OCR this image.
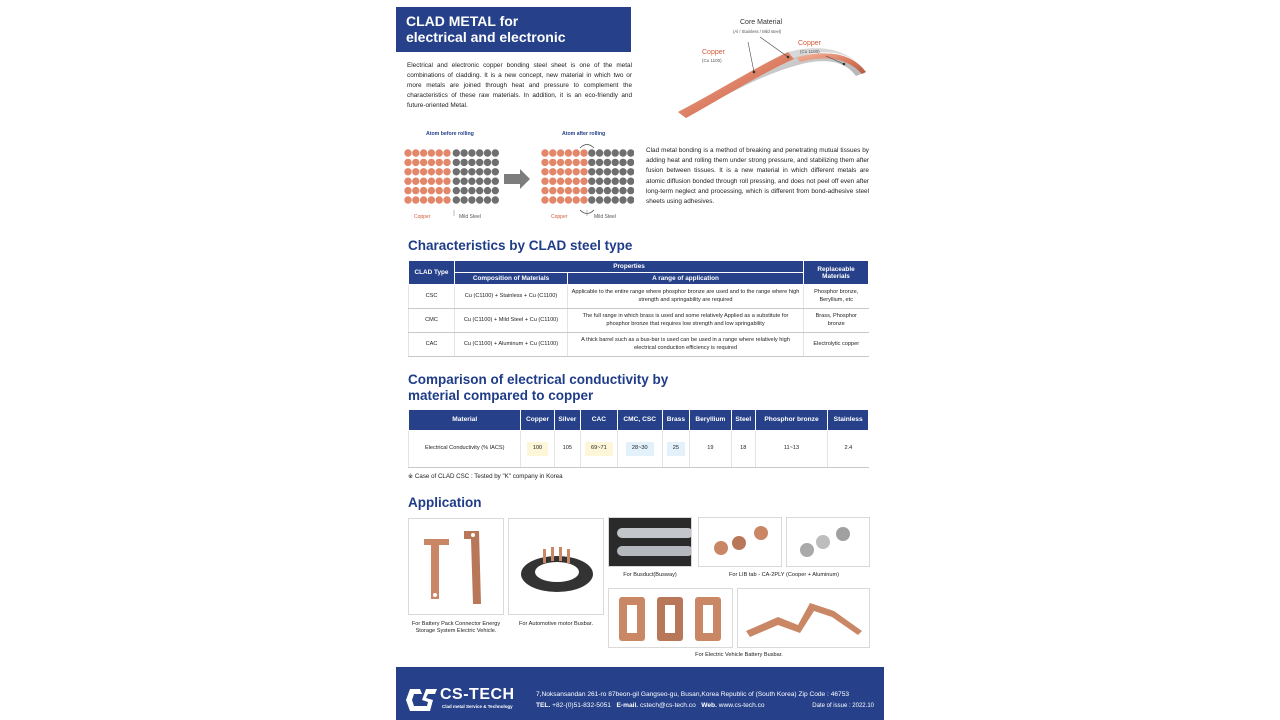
CLAD METAL for
electrical and electronic

Electrical and electronic copper bonding steel sheet is one of the metal combinations of cladding. It is a new concept, new material in which two or more metals are joined through heat and pressure to complement the characteristics of these raw materials. In addition, it is an eco-friendly and future-oriented Metal.

Core Material
(Al / Stainless / Mild steel)
Copper
(Cu 1100)
Copper
(Cu 1100)
Atom before rolling	Atom after rolling
Copper	Mild Steel	Copper	Mild Steel

Clad metal bonding is a method of breaking and penetrating mutual tissues by adding heat and rolling them under strong pressure, and stabilizing them after fusion between tissues. It is a new material in which different metals are atomic diffusion bonded through roll pressing, and does not peel off even after long-term neglect and processing, which is different from bond-adhesive steel sheets using adhesives.

Characteristics by CLAD steel type
CLAD Type	Properties		Replaceable Materials
	Composition of Materials	A range of application	
CSC	Cu (C1100) + Stainless + Cu (C1100)	Applicable to the entire range where phosphor bronze are used and to the range where high strength and springability are required	Phosphor bronze, Beryllium, etc
CMC	Cu (C1100) + Mild Steel + Cu (C1100)	The full range in which brass is used and some relatively Applied as a substitute for phosphor bronze that requires low strength and low springability	Brass, Phosphor bronze
CAC	Cu (C1100) + Aluminum + Cu (C1100)	A thick barrel such as a bus-bar is used can be used in a range where relatively high electrical conduction efficiency is required	Electrolytic copper
Comparison of electrical conductivity by
material compared to copper
Material	Copper	Silver	CAC	CMC, CSC	Brass	Beryllium	Steel	Phosphor bronze	Stainless
Electrical Conductivity (% IACS)	100	105	69~71	28~30	25	19	18	11~13	2.4
※ Case of CLAD CSC : Tested by "K" company in Korea
Application
For Battery Pack Connector Energy Storage System Electric Vehicle.
For Automotive motor Busbar.
For Busduct(Busway)	For LIB tab - CA-2PLY (Cooper + Aluminum)
For Electric Vehicle Battery Busbar.
CS-TECH
Clad metal Service & Technology
7,Noksansandan 261-ro 87beon-gil Gangseo-gu, Busan,Korea Republic of (South Korea) Zip Code : 46753
TEL. +82-(0)51-832-5051 E-mail. cstech@cs-tech.co Web. www.cs-tech.co	Date of issue : 2022.10
